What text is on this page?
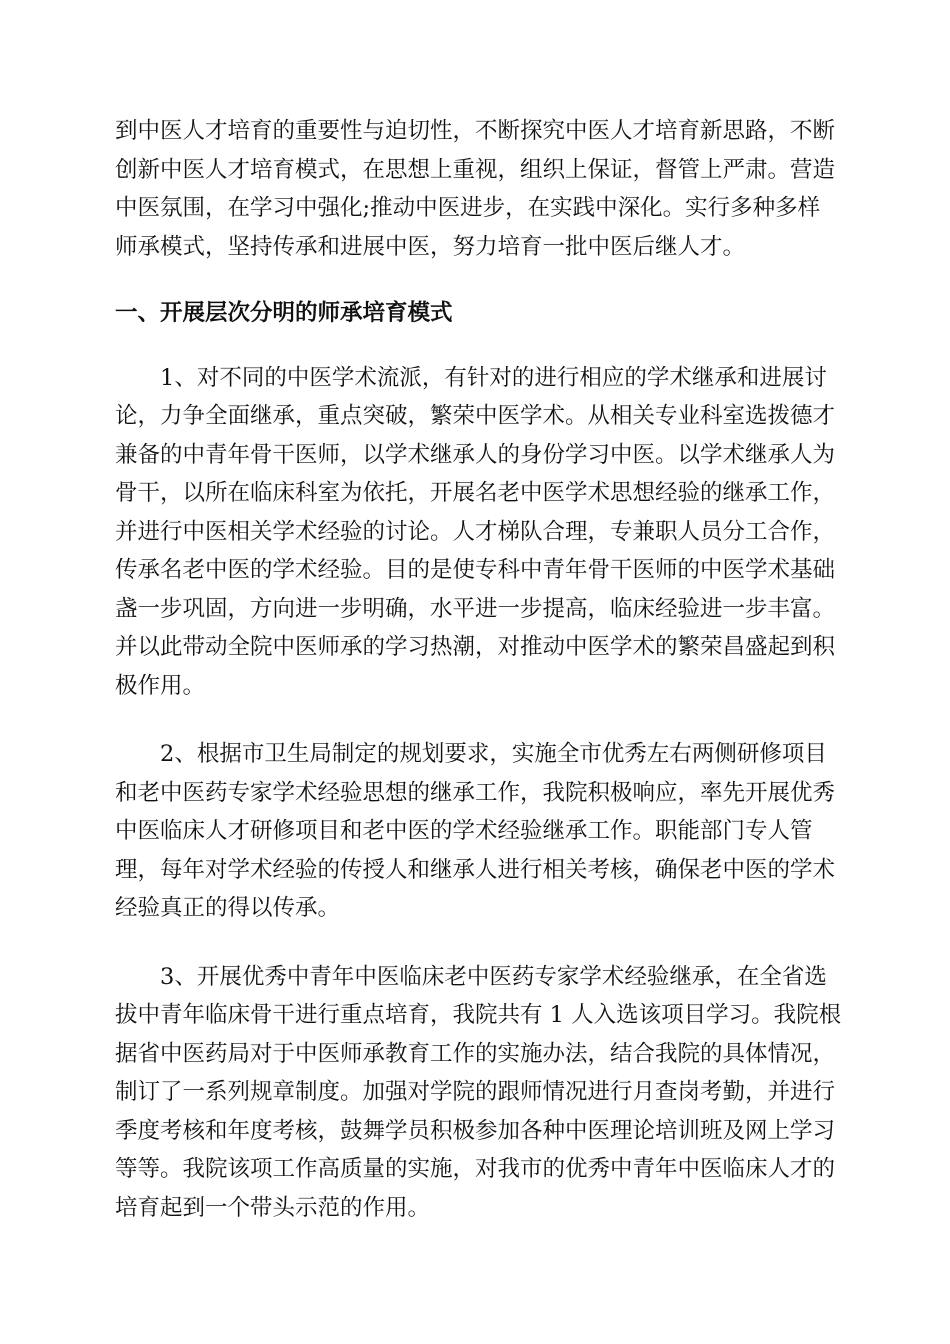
到中医人才培育的重要性与迫切性，不断探究中医人才培育新思路，不断

创新中医人才培育模式，在思想上重视，组织上保证，督管上严肃。营造

中医氛围，在学习中强化;推动中医进步，在实践中深化。实行多种多样

师承模式，坚持传承和进展中医，努力培育一批中医后继人才。

一、开展层次分明的师承培育模式

1、对不同的中医学术流派，有针对的进行相应的学术继承和进展讨

论，力争全面继承，重点突破，繁荣中医学术。从相关专业科室选拨德才

兼备的中青年骨干医师，以学术继承人的身份学习中医。以学术继承人为

骨干，以所在临床科室为依托，开展名老中医学术思想经验的继承工作，

并进行中医相关学术经验的讨论。人才梯队合理，专兼职人员分工合作，

传承名老中医的学术经验。目的是使专科中青年骨干医师的中医学术基础

盏一步巩固，方向进一步明确，水平进一步提高，临床经验进一步丰富。

并以此带动全院中医师承的学习热潮，对推动中医学术的繁荣昌盛起到积

极作用。

2、根据市卫生局制定的规划要求，实施全市优秀左右两侧研修项目

和老中医药专家学术经验思想的继承工作，我院积极响应，率先开展优秀

中医临床人才研修项目和老中医的学术经验继承工作。职能部门专人管

理，每年对学术经验的传授人和继承人进行相关考核，确保老中医的学术

经验真正的得以传承。

3、开展优秀中青年中医临床老中医药专家学术经验继承，在全省选

拔中青年临床骨干进行重点培育，我院共有 1 人入选该项目学习。我院根

据省中医药局对于中医师承教育工作的实施办法，结合我院的具体情况，

制订了一系列规章制度。加强对学院的跟师情况进行月查岗考勤，并进行

季度考核和年度考核，鼓舞学员积极参加各种中医理论培训班及网上学习

等等。我院该项工作高质量的实施，对我市的优秀中青年中医临床人才的

培育起到一个带头示范的作用。
